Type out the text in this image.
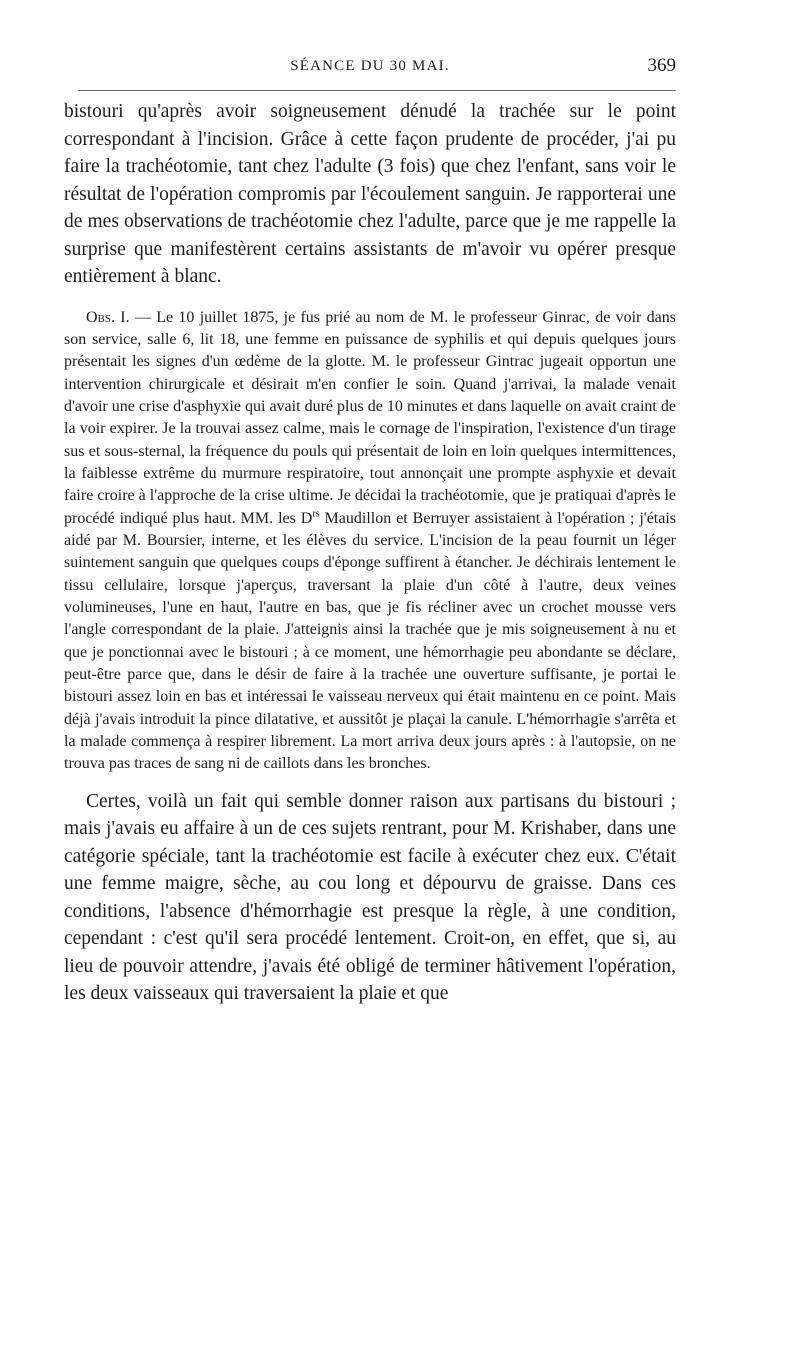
SÉANCE DU 30 MAI.	369

bistouri qu'après avoir soigneusement dénudé la trachée sur le point correspondant à l'incision. Grâce à cette façon prudente de procéder, j'ai pu faire la trachéotomie, tant chez l'adulte (3 fois) que chez l'enfant, sans voir le résultat de l'opération compromis par l'écoulement sanguin. Je rapporterai une de mes observations de trachéotomie chez l'adulte, parce que je me rappelle la surprise que manifestèrent certains assistants de m'avoir vu opérer presque entièrement à blanc.

Obs. I. — Le 10 juillet 1875, je fus prié au nom de M. le professeur Ginrac, de voir dans son service, salle 6, lit 18, une femme en puissance de syphilis et qui depuis quelques jours présentait les signes d'un œdème de la glotte. M. le professeur Gintrac jugeait opportun une intervention chirurgicale et désirait m'en confier le soin. Quand j'arrivai, la malade venait d'avoir une crise d'asphyxie qui avait duré plus de 10 minutes et dans laquelle on avait craint de la voir expirer. Je la trouvai assez calme, mais le cornage de l'inspiration, l'existence d'un tirage sus et sous-sternal, la fréquence du pouls qui présentait de loin en loin quelques intermittences, la faiblesse extrême du murmure respiratoire, tout annonçait une prompte asphyxie et devait faire croire à l'approche de la crise ultime. Je décidai la trachéotomie, que je pratiquai d'après le procédé indiqué plus haut. MM. les $D^{rs}$ Maudillon et Berruyer assistaient à l'opération ; j'étais aidé par M. Boursier, interne, et les élèves du service. L'incision de la peau fournit un léger suintement sanguin que quelques coups d'éponge suffirent à étancher. Je déchirais lentement le tissu cellulaire, lorsque j'aperçus, traversant la plaie d'un côté à l'autre, deux veines volumineuses, l'une en haut, l'autre en bas, que je fis récliner avec un crochet mousse vers l'angle correspondant de la plaie. J'atteignis ainsi la trachée que je mis soigneusement à nu et que je ponctionnai avec le bistouri ; à ce moment, une hémorrhagie peu abondante se déclare, peut-être parce que, dans le désir de faire à la trachée une ouverture suffisante, je portai le bistouri assez loin en bas et intéressai le vaisseau nerveux qui était maintenu en ce point. Mais déjà j'avais introduit la pince dilatative, et aussitôt je plaçai la canule. L'hémorrhagie s'arrêta et la malade commença à respirer librement. La mort arriva deux jours après : à l'autopsie, on ne trouva pas traces de sang ni de caillots dans les bronches.

Certes, voilà un fait qui semble donner raison aux partisans du bistouri ; mais j'avais eu affaire à un de ces sujets rentrant, pour M. Krishaber, dans une catégorie spéciale, tant la trachéotomie est facile à exécuter chez eux. C'était une femme maigre, sèche, au cou long et dépourvu de graisse. Dans ces conditions, l'absence d'hémorrhagie est presque la règle, à une condition, cependant : c'est qu'il sera procédé lentement. Croit-on, en effet, que si, au lieu de pouvoir attendre, j'avais été obligé de terminer hâtivement l'opération, les deux vaisseaux qui traversaient la plaie et que
